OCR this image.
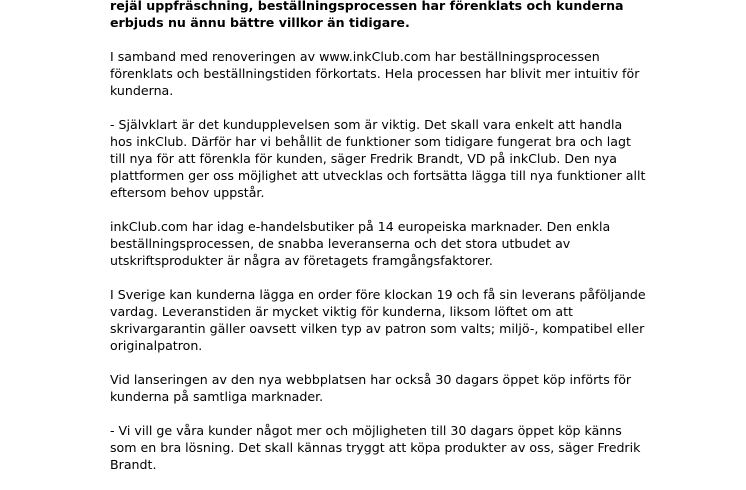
rejäl uppfräschning, beställningsprocessen har förenklats och kunderna
erbjuds nu ännu bättre villkor än tidigare.

I samband med renoveringen av www.inkClub.com har beställningsprocessen
förenklats och beställningstiden förkortats. Hela processen har blivit mer intuitiv för
kunderna.

- Självklart är det kundupplevelsen som är viktig. Det skall vara enkelt att handla
hos inkClub. Därför har vi behållit de funktioner som tidigare fungerat bra och lagt
till nya för att förenkla för kunden, säger Fredrik Brandt, VD på inkClub. Den nya
plattformen ger oss möjlighet att utvecklas och fortsätta lägga till nya funktioner allt
eftersom behov uppstår.

inkClub.com har idag e-handelsbutiker på 14 europeiska marknader. Den enkla
beställningsprocessen, de snabba leveranserna och det stora utbudet av
utskriftsprodukter är några av företagets framgångsfaktorer.

I Sverige kan kunderna lägga en order före klockan 19 och få sin leverans påföljande
vardag. Leveranstiden är mycket viktig för kunderna, liksom löftet om att
skrivargarantin gäller oavsett vilken typ av patron som valts; miljö-, kompatibel eller
originalpatron.

Vid lanseringen av den nya webbplatsen har också 30 dagars öppet köp införts för
kunderna på samtliga marknader.

- Vi vill ge våra kunder något mer och möjligheten till 30 dagars öppet köp känns
som en bra lösning. Det skall kännas tryggt att köpa produkter av oss, säger Fredrik
Brandt.
